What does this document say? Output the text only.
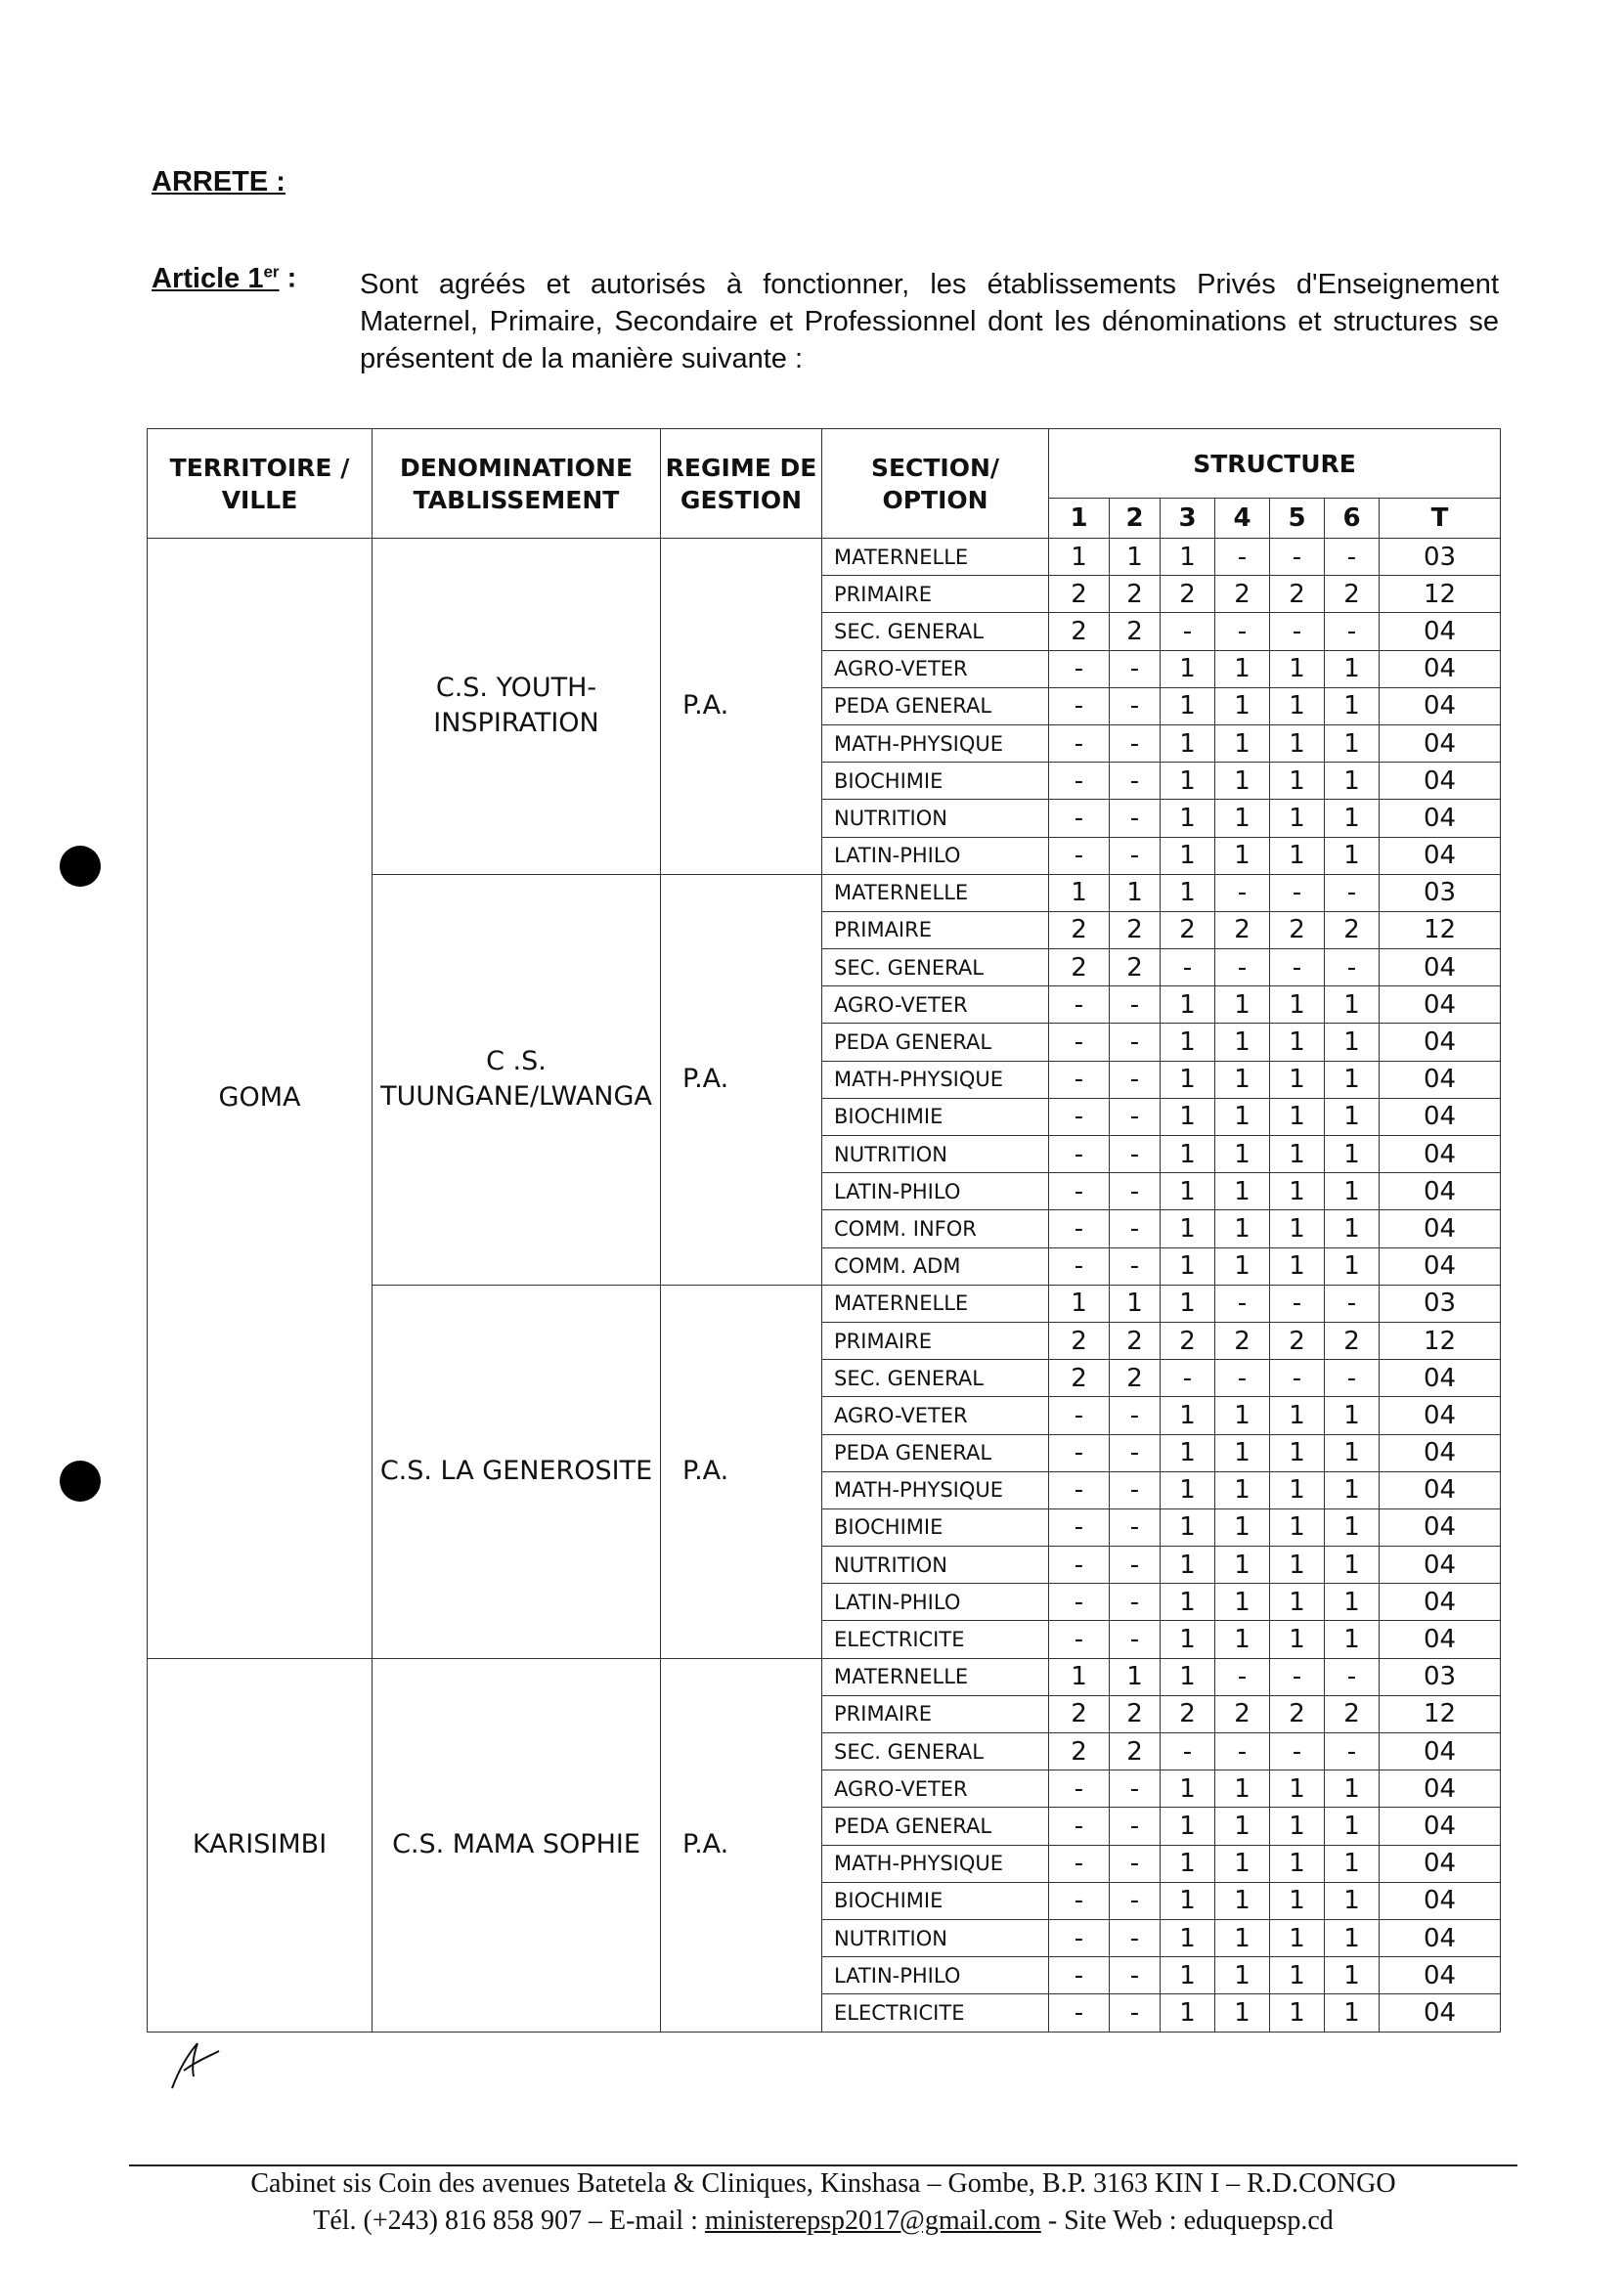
ARRETE :
Article 1er : Sont agréés et autorisés à fonctionner, les établissements Privés d'Enseignement Maternel, Primaire, Secondaire et Professionnel dont les dénominations et structures se présentent de la manière suivante :
TERRITOIRE / VILLE	DENOMINATIONE TABLISSEMENT	REGIME DE GESTION	SECTION/ OPTION		STRUCTURE						
					1	2	3	4	5	6	T
GOMA	C.S. YOUTH-INSPIRATION	P.A.	MATERNELLE		1	1	1	-	-	-	03
			PRIMAIRE		2	2	2	2	2	2	12
			SEC. GENERAL		2	2	-	-	-	-	04
			AGRO-VETER		-	-	1	1	1	1	04
			PEDA GENERAL		-	-	1	1	1	1	04
			MATH-PHYSIQUE		-	-	1	1	1	1	04
			BIOCHIMIE		-	-	1	1	1	1	04
			NUTRITION		-	-	1	1	1	1	04
			LATIN-PHILO		-	-	1	1	1	1	04
	C .S. TUUNGANE/LWANGA	P.A.	MATERNELLE		1	1	1	-	-	-	03
			PRIMAIRE		2	2	2	2	2	2	12
			SEC. GENERAL		2	2	-	-	-	-	04
			AGRO-VETER		-	-	1	1	1	1	04
			PEDA GENERAL		-	-	1	1	1	1	04
			MATH-PHYSIQUE		-	-	1	1	1	1	04
			BIOCHIMIE		-	-	1	1	1	1	04
			NUTRITION		-	-	1	1	1	1	04
			LATIN-PHILO		-	-	1	1	1	1	04
			COMM. INFOR		-	-	1	1	1	1	04
			COMM. ADM		-	-	1	1	1	1	04
	C.S. LA GENEROSITE	P.A.	MATERNELLE		1	1	1	-	-	-	03
			PRIMAIRE		2	2	2	2	2	2	12
			SEC. GENERAL		2	2	-	-	-	-	04
			AGRO-VETER		-	-	1	1	1	1	04
			PEDA GENERAL		-	-	1	1	1	1	04
			MATH-PHYSIQUE		-	-	1	1	1	1	04
			BIOCHIMIE		-	-	1	1	1	1	04
			NUTRITION		-	-	1	1	1	1	04
			LATIN-PHILO		-	-	1	1	1	1	04
			ELECTRICITE		-	-	1	1	1	1	04
KARISIMBI	C.S. MAMA SOPHIE	P.A.	MATERNELLE		1	1	1	-	-	-	03
			PRIMAIRE		2	2	2	2	2	2	12
			SEC. GENERAL		2	2	-	-	-	-	04
			AGRO-VETER		-	-	1	1	1	1	04
			PEDA GENERAL		-	-	1	1	1	1	04
			MATH-PHYSIQUE		-	-	1	1	1	1	04
			BIOCHIMIE		-	-	1	1	1	1	04
			NUTRITION		-	-	1	1	1	1	04
			LATIN-PHILO		-	-	1	1	1	1	04
			ELECTRICITE		-	-	1	1	1	1	04
Cabinet sis Coin des avenues Batetela & Cliniques, Kinshasa – Gombe, B.P. 3163 KIN I – R.D.CONGO
Tél. (+243) 816 858 907 – E-mail : ministerepsp2017@gmail.com - Site Web : eduquepsp.cd
